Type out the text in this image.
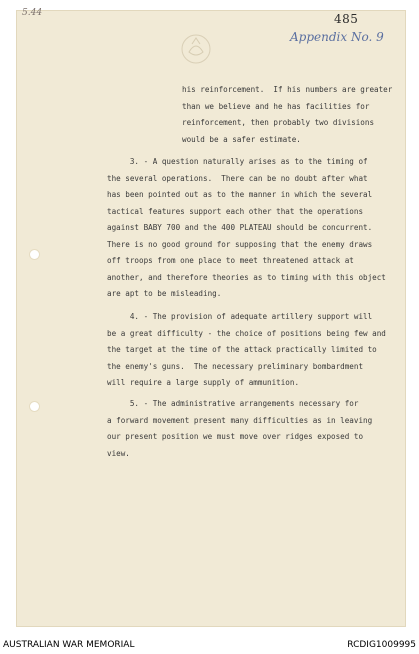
5.44	485
Appendix No. 9
his reinforcement.  If his numbers are greater
than we believe and he has facilities for
reinforcement, then probably two divisions
would be a safer estimate.
3. - A question naturally arises as to the timing of
the several operations.  There can be no doubt after what
has been pointed out as to the manner in which the several
tactical features support each other that the operations
against BABY 700 and the 400 PLATEAU should be concurrent.
There is no good ground for supposing that the enemy draws
off troops from one place to meet threatened attack at
another, and therefore theories as to timing with this object
are apt to be misleading.
4. - The provision of adequate artillery support will
be a great difficulty - the choice of positions being few and
the target at the time of the attack practically limited to
the enemy's guns.  The necessary preliminary bombardment
will require a large supply of ammunition.
5. - The administrative arrangements necessary for
a forward movement present many difficulties as in leaving
our present position we must move over ridges exposed to
view.
AUSTRALIAN WAR MEMORIAL	RCDIG1009995
